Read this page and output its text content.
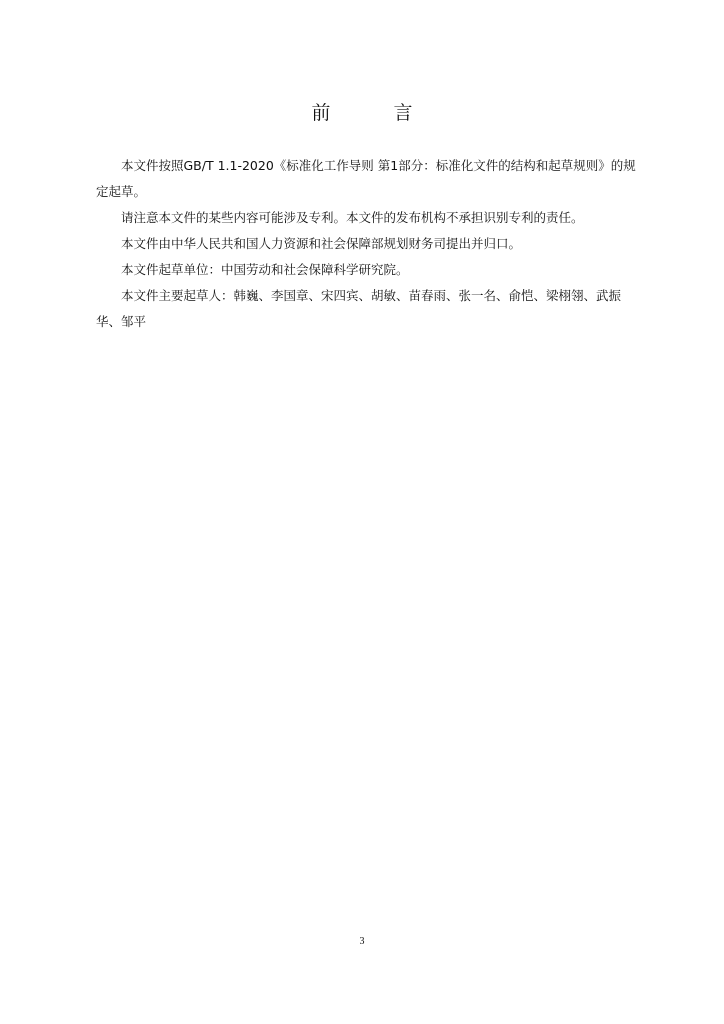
前　言

本文件按照GB/T 1.1-2020《标准化工作导则 第1部分：标准化文件的结构和起草规则》的规定起草。

请注意本文件的某些内容可能涉及专利。本文件的发布机构不承担识别专利的责任。

本文件由中华人民共和国人力资源和社会保障部规划财务司提出并归口。

本文件起草单位：中国劳动和社会保障科学研究院。

本文件主要起草人：韩巍、李国章、宋四宾、胡敏、苗春雨、张一名、俞恺、梁栩翎、武振华、邹平

3
